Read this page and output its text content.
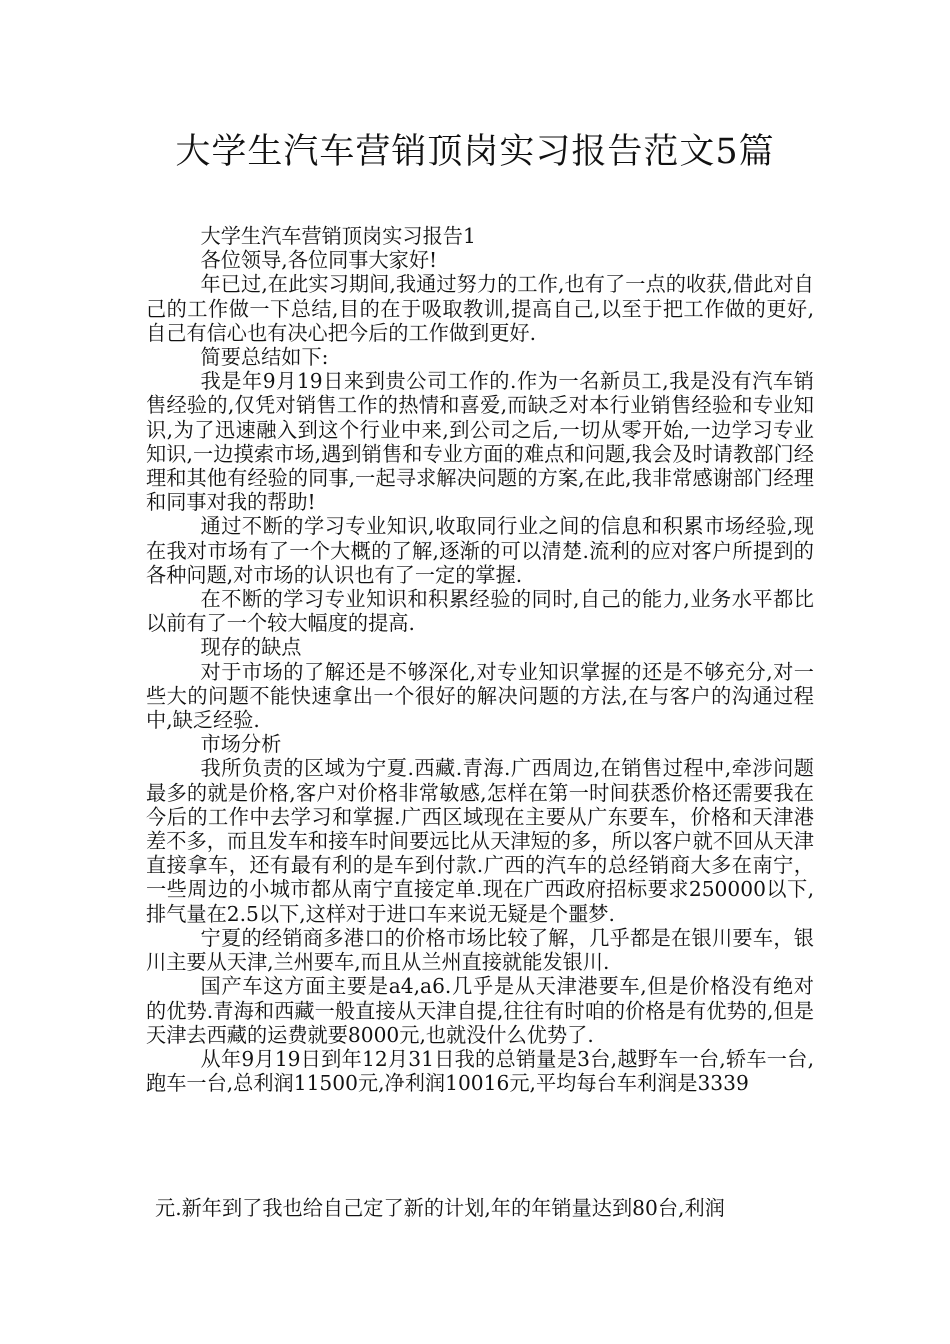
大学生汽车营销顶岗实习报告范文5篇

大学生汽车营销顶岗实习报告1

各位领导,各位同事大家好!

年已过,在此实习期间,我通过努力的工作,也有了一点的收获,借此对自己的工作做一下总结,目的在于吸取教训,提高自己,以至于把工作做的更好,自己有信心也有决心把今后的工作做到更好.

简要总结如下:

我是年9月19日来到贵公司工作的.作为一名新员工,我是没有汽车销售经验的,仅凭对销售工作的热情和喜爱,而缺乏对本行业销售经验和专业知识,为了迅速融入到这个行业中来,到公司之后,一切从零开始,一边学习专业知识,一边摸索市场,遇到销售和专业方面的难点和问题,我会及时请教部门经理和其他有经验的同事,一起寻求解决问题的方案,在此,我非常感谢部门经理和同事对我的帮助!

通过不断的学习专业知识,收取同行业之间的信息和积累市场经验,现在我对市场有了一个大概的了解,逐渐的可以清楚.流利的应对客户所提到的各种问题,对市场的认识也有了一定的掌握.

在不断的学习专业知识和积累经验的同时,自己的能力,业务水平都比以前有了一个较大幅度的提高.

现存的缺点

对于市场的了解还是不够深化,对专业知识掌握的还是不够充分,对一些大的问题不能快速拿出一个很好的解决问题的方法,在与客户的沟通过程中,缺乏经验.

市场分析

我所负责的区域为宁夏.西藏.青海.广西周边,在销售过程中,牵涉问题最多的就是价格,客户对价格非常敏感,怎样在第一时间获悉价格还需要我在今后的工作中去学习和掌握.广西区域现在主要从广东要车，价格和天津港差不多，而且发车和接车时间要远比从天津短的多，所以客户就不回从天津直接拿车，还有最有利的是车到付款.广西的汽车的总经销商大多在南宁，一些周边的小城市都从南宁直接定单.现在广西政府招标要求250000以下,排气量在2.5以下,这样对于进口车来说无疑是个噩梦.

宁夏的经销商多港口的价格市场比较了解，几乎都是在银川要车，银川主要从天津,兰州要车,而且从兰州直接就能发银川.

国产车这方面主要是a4,a6.几乎是从天津港要车,但是价格没有绝对的优势.青海和西藏一般直接从天津自提,往往有时咱的价格是有优势的,但是天津去西藏的运费就要8000元,也就没什么优势了.

从年9月19日到年12月31日我的总销量是3台,越野车一台,轿车一台,跑车一台,总利润11500元,净利润10016元,平均每台车利润是3339

元.新年到了我也给自己定了新的计划,年的年销量达到80台,利润
